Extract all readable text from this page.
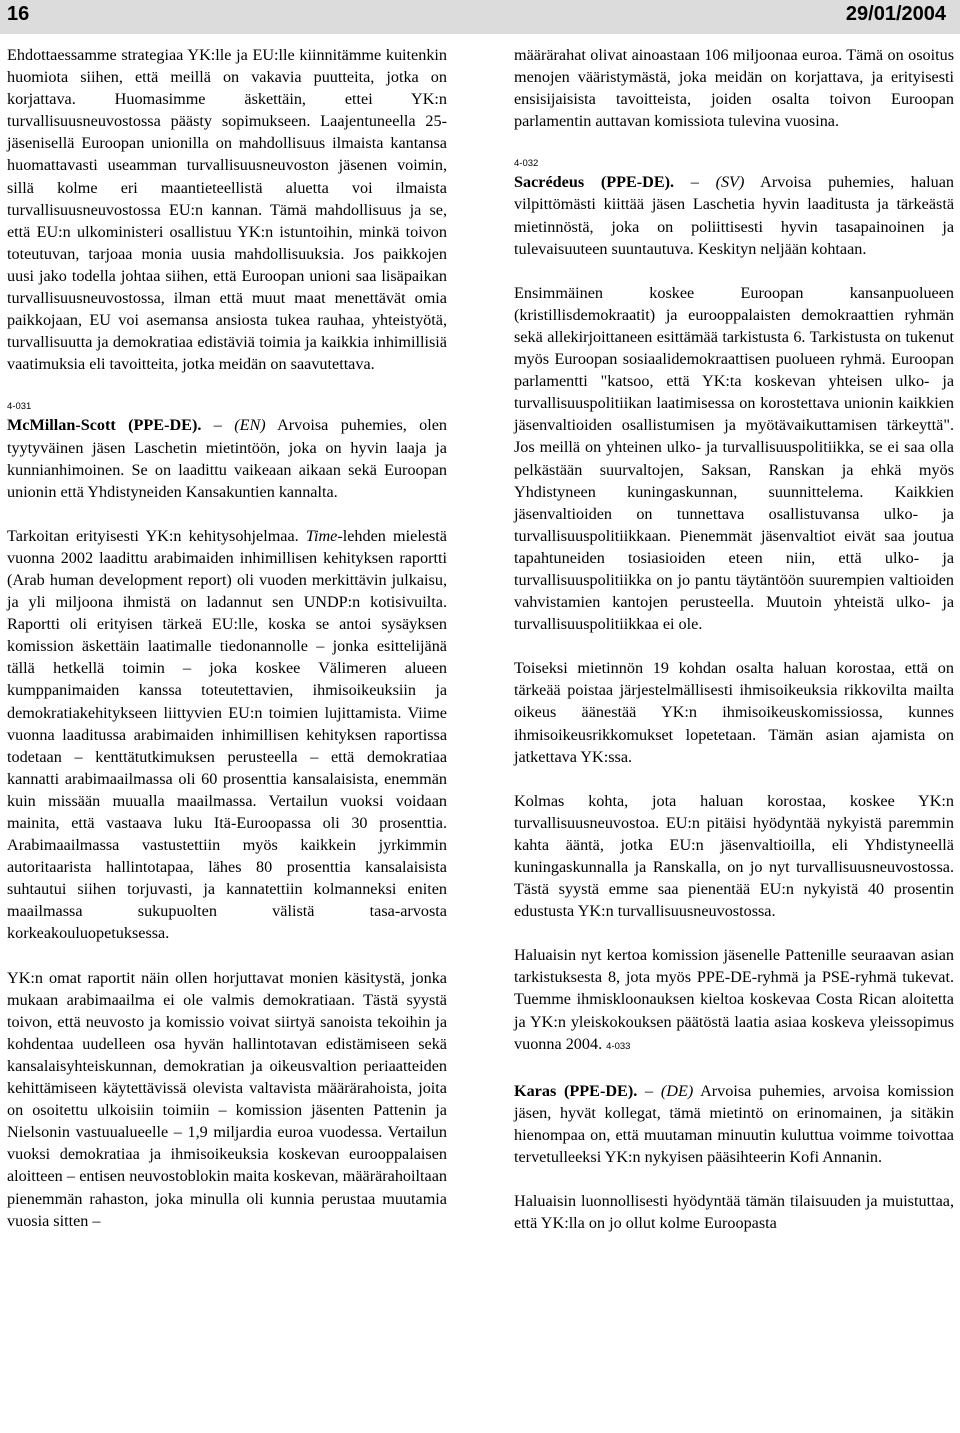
16	29/01/2004

Ehdottaessamme strategiaa YK:lle ja EU:lle kiinnitämme kuitenkin huomiota siihen, että meillä on vakavia puutteita, jotka on korjattava. Huomasimme äskettäin, ettei YK:n turvallisuusneuvostossa päästy sopimukseen. Laajentuneella 25-jäsenisellä Euroopan unionilla on mahdollisuus ilmaista kantansa huomattavasti useamman turvallisuusneuvoston jäsenen voimin, sillä kolme eri maantieteellistä aluetta voi ilmaista turvallisuusneuvostossa EU:n kannan. Tämä mahdollisuus ja se, että EU:n ulkoministeri osallistuu YK:n istuntoihin, minkä toivon toteutuvan, tarjoaa monia uusia mahdollisuuksia. Jos paikkojen uusi jako todella johtaa siihen, että Euroopan unioni saa lisäpaikan turvallisuusneuvostossa, ilman että muut maat menettävät omia paikkojaan, EU voi asemansa ansiosta tukea rauhaa, yhteistyötä, turvallisuutta ja demokratiaa edistäviä toimia ja kaikkia inhimillisiä vaatimuksia eli tavoitteita, jotka meidän on saavutettava.

4-031

McMillan-Scott (PPE-DE). – (EN) Arvoisa puhemies, olen tyytyväinen jäsen Laschetin mietintöön, joka on hyvin laaja ja kunnianhimoinen. Se on laadittu vaikeaan aikaan sekä Euroopan unionin että Yhdistyneiden Kansakuntien kannalta.

Tarkoitan erityisesti YK:n kehitysohjelmaa. Time-lehden mielestä vuonna 2002 laadittu arabimaiden inhimillisen kehityksen raportti (Arab human development report) oli vuoden merkittävin julkaisu, ja yli miljoona ihmistä on ladannut sen UNDP:n kotisivuilta. Raportti oli erityisen tärkeä EU:lle, koska se antoi sysäyksen komission äskettäin laatimalle tiedonannolle – jonka esittelijänä tällä hetkellä toimin – joka koskee Välimeren alueen kumppanimaiden kanssa toteutettavien, ihmisoikeuksiin ja demokratiakehitykseen liittyvien EU:n toimien lujittamista. Viime vuonna laaditussa arabimaiden inhimillisen kehityksen raportissa todetaan – kenttätutkimuksen perusteella – että demokratiaa kannatti arabimaailmassa oli 60 prosenttia kansalaisista, enemmän kuin missään muualla maailmassa. Vertailun vuoksi voidaan mainita, että vastaava luku Itä-Euroopassa oli 30 prosenttia. Arabimaailmassa vastustettiin myös kaikkein jyrkimmin autoritaarista hallintotapaa, lähes 80 prosenttia kansalaisista suhtautui siihen torjuvasti, ja kannatettiin kolmanneksi eniten maailmassa sukupuolten välistä tasa-arvosta korkeakouluopetuksessa.

YK:n omat raportit näin ollen horjuttavat monien käsitystä, jonka mukaan arabimaailma ei ole valmis demokratiaan. Tästä syystä toivon, että neuvosto ja komissio voivat siirtyä sanoista tekoihin ja kohdentaa uudelleen osa hyvän hallintotavan edistämiseen sekä kansalaisyhteiskunnan, demokratian ja oikeusvaltion periaatteiden kehittämiseen käytettävissä olevista valtavista määrärahoista, joita on osoitettu ulkoisiin toimiin – komission jäsenten Pattenin ja Nielsonin vastuualueelle – 1,9 miljardia euroa vuodessa. Vertailun vuoksi demokratiaa ja ihmisoikeuksia koskevan eurooppalaisen aloitteen – entisen neuvostoblokin maita koskevan, määrärahoiltaan pienemmän rahaston, joka minulla oli kunnia perustaa muutamia vuosia sitten –

määrärahat olivat ainoastaan 106 miljoonaa euroa. Tämä on osoitus menojen vääristymästä, joka meidän on korjattava, ja erityisesti ensisijaisista tavoitteista, joiden osalta toivon Euroopan parlamentin auttavan komissiota tulevina vuosina.

4-032

Sacrédeus (PPE-DE). – (SV) Arvoisa puhemies, haluan vilpittömästi kiittää jäsen Laschetia hyvin laaditusta ja tärkeästä mietinnöstä, joka on poliittisesti hyvin tasapainoinen ja tulevaisuuteen suuntautuva. Keskityn neljään kohtaan.

Ensimmäinen koskee Euroopan kansanpuolueen (kristillisdemokraatit) ja eurooppalaisten demokraattien ryhmän sekä allekirjoittaneen esittämää tarkistusta 6. Tarkistusta on tukenut myös Euroopan sosiaalidemokraattisen puolueen ryhmä. Euroopan parlamentti "katsoo, että YK:ta koskevan yhteisen ulko- ja turvallisuuspolitiikan laatimisessa on korostettava unionin kaikkien jäsenvaltioiden osallistumisen ja myötävaikuttamisen tärkeyttä". Jos meillä on yhteinen ulko- ja turvallisuuspolitiikka, se ei saa olla pelkästään suurvaltojen, Saksan, Ranskan ja ehkä myös Yhdistyneen kuningaskunnan, suunnittelema. Kaikkien jäsenvaltioiden on tunnettava osallistuvansa ulko- ja turvallisuuspolitiikkaan. Pienemmät jäsenvaltiot eivät saa joutua tapahtuneiden tosiasioiden eteen niin, että ulko- ja turvallisuuspolitiikka on jo pantu täytäntöön suurempien valtioiden vahvistamien kantojen perusteella. Muutoin yhteistä ulko- ja turvallisuuspolitiikkaa ei ole.

Toiseksi mietinnön 19 kohdan osalta haluan korostaa, että on tärkeää poistaa järjestelmällisesti ihmisoikeuksia rikkovilta mailta oikeus äänestää YK:n ihmisoikeuskomissiossa, kunnes ihmisoikeusrikkomukset lopetetaan. Tämän asian ajamista on jatkettava YK:ssa.

Kolmas kohta, jota haluan korostaa, koskee YK:n turvallisuusneuvostoa. EU:n pitäisi hyödyntää nykyistä paremmin kahta ääntä, jotka EU:n jäsenvaltioilla, eli Yhdistyneellä kuningaskunnalla ja Ranskalla, on jo nyt turvallisuusneuvostossa. Tästä syystä emme saa pienentää EU:n nykyistä 40 prosentin edustusta YK:n turvallisuusneuvostossa.

Haluaisin nyt kertoa komission jäsenelle Pattenille seuraavan asian tarkistuksesta 8, jota myös PPE-DE-ryhmä ja PSE-ryhmä tukevat. Tuemme ihmiskloonauksen kieltoa koskevaa Costa Rican aloitetta ja YK:n yleiskokouksen päätöstä laatia asiaa koskeva yleissopimus vuonna 2004. 4-033

Karas (PPE-DE). – (DE) Arvoisa puhemies, arvoisa komission jäsen, hyvät kollegat, tämä mietintö on erinomainen, ja sitäkin hienompaa on, että muutaman minuutin kuluttua voimme toivottaa tervetulleeksi YK:n nykyisen pääsihteerin Kofi Annanin.

Haluaisin luonnollisesti hyödyntää tämän tilaisuuden ja muistuttaa, että YK:lla on jo ollut kolme Euroopasta
